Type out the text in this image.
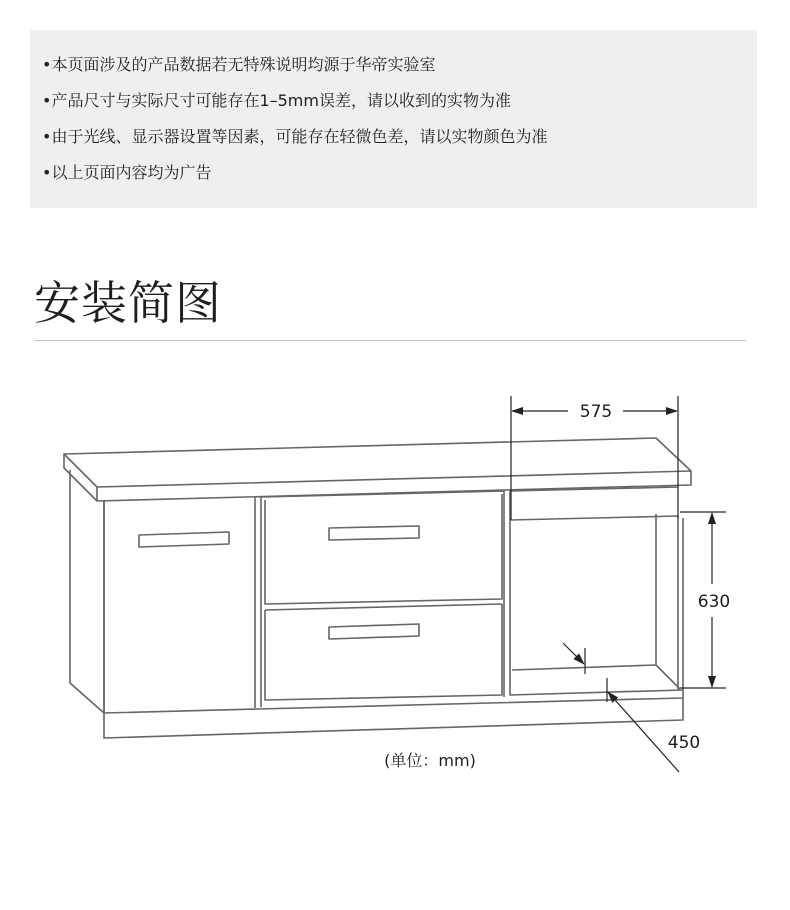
•本页面涉及的产品数据若无特殊说明均源于华帝实验室
•产品尺寸与实际尺寸可能存在1–5mm误差，请以收到的实物为准
•由于光线、显示器设置等因素，可能存在轻微色差，请以实物颜色为准
•以上页面内容均为广告
安装简图
575
630
450
(单位：mm)
